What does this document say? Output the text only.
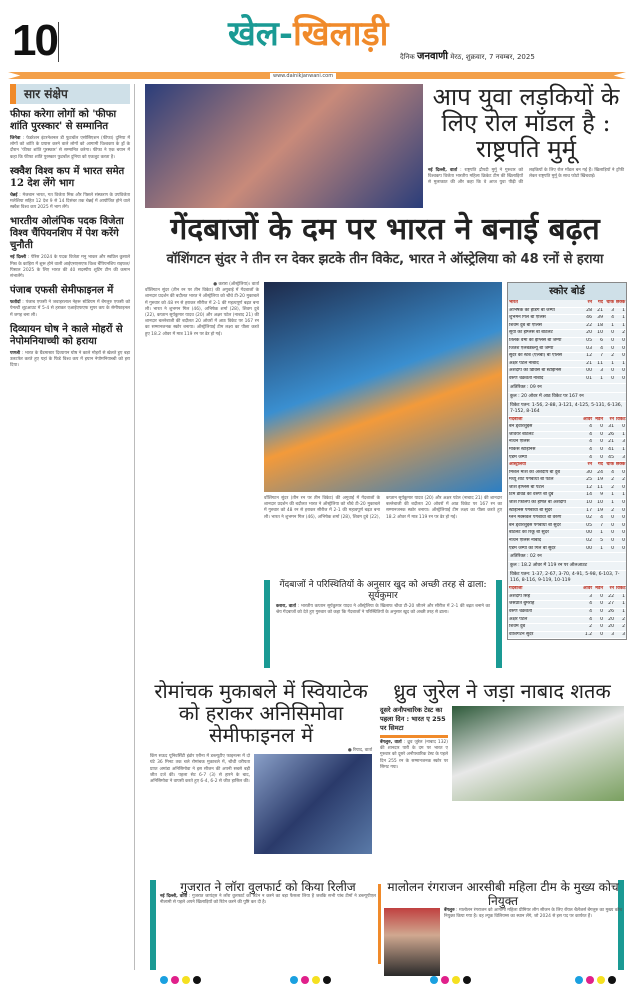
10	खेल-खिलाड़ी
दैनिक जनवाणी मेरठ, शुक्रवार, 7 नवम्बर, 2025
www.dainikjanwani.com
सार संक्षेप
फीफा करेगा लोगों को 'फीफा शांति पुरस्कार' से सम्मानित
जिनेवा : फेडरेशन इंटरनेशनल डी फुटबॉल एसोसिएशन (फीफा) दुनिया में लोगों को शांति के प्रयास करने वाले लोगों को आगामी विश्वकप के ड्रॉ के दौरान 'फीफा शांति पुरस्कार' से सम्मानित करेगा। फीफा ने एक बयान में कहा कि फीफा शांति पुरस्कार फुटबॉल दुनिया को एकजुट करता है।
स्क्वैश विश्व कप में भारत समेत 12 देश लेंगे भाग
चेन्नई : मेजबान भारत, गत विजेता मिस्र और पिछले संस्करण के उपविजेता मलेशिया सहित 12 देश 9 से 14 दिसंबर तक चेन्नई में आयोजित होने वाले स्क्वैश विश्व कप 2025 में भाग लेंगे।
भारतीय ओलंपिक पदक विजेता विश्व चैंपियनशिप में पेश करेंगे चुनौती
नई दिल्ली : पेरिस 2024 के पदक विजेता मनु भाकर और स्वप्निल कुसाले मिस्र के काहिरा में शुरू होने वाली आईएसएसएफ विश्व चैंपियनशिप राइफल/पिस्टल 2025 के लिए भारत की 40 सदस्यीय शूटिंग टीम की कमान संभालेंगे।
पंजाब एफसी सेमीफाइनल में
फतोर्दा : पंजाब एफसी ने जवाहरलाल नेहरू स्टेडियम में बेंगलुरु एफसी को पेनल्टी शूटआउट में 5-4 से हराकर एआईएफएफ सुपर कप के सेमीफाइनल में जगह बना ली।
दिव्यायन घोष ने काले मोहरों से नेपोमनियाच्ची को हराया
पणजी : भारत के ग्रैंडमास्टर दिव्यायन घोष ने काले मोहरों से खेलते हुए बड़ा उलटफेर करते हुए यहां के फिडे विश्व कप में इयान नेपोमनियाच्ची को हरा दिया।
आप युवा लड़कियों के लिए रोल मॉडल है : राष्ट्रपति मुर्मू
नई दिल्ली, वार्ता : राष्ट्रपति द्रौपदी मुर्मू ने गुरुवार को विश्वकप विजेता भारतीय महिला क्रिकेट टीम की खिलाड़ियों से मुलाकात की और कहा कि वे आज युवा पीढ़ी की लड़कियों के लिए रोल मॉडल बन गई हैं। खिलाड़ियों ने ट्रॉफी लेकर राष्ट्रपति मुर्मू के साथ फोटो खिंचवाई।
गेंदबाजों के दम पर भारत ने बनाई बढ़त
वॉशिंगटन सुंदर ने तीन रन देकर झटके तीन विकेट, भारत ने ऑस्ट्रेलिया को 48 रनों से हराया
● करारा (ऑस्ट्रेलिया)। वार्ता
वॉशिंगटन सुंदर (तीन रन पर तीन विकेट) की अगुवाई में गेंदबाजों के शानदार प्रदर्शन की बदौलत भारत ने ऑस्ट्रेलिया को चौथे टी-20 मुकाबले में गुरुवार को 48 रन से हराकर सीरीज में 2-1 की महत्वपूर्ण बढ़त बना ली। भारत ने शुभमन गिल (46), अभिषेक शर्मा (28), शिवम दुबे (22), कप्तान सूर्यकुमार यादव (20) और अक्षर पटेल (नाबाद 21) की शानदार बल्लेबाजी की बदौलत 20 ओवरों में आठ विकेट पर 167 रन का सम्मानजनक स्कोर बनाया। ऑस्ट्रेलियाई टीम लक्ष्य का पीछा करते हुए 18.2 ओवर में मात्र 119 रन पर ढेर हो गई।
वॉशिंगटन सुंदर (तीन रन पर तीन विकेट) की अगुवाई में गेंदबाजों के शानदार प्रदर्शन की बदौलत भारत ने ऑस्ट्रेलिया को चौथे टी-20 मुकाबले में गुरुवार को 48 रन से हराकर सीरीज में 2-1 की महत्वपूर्ण बढ़त बना ली। भारत ने शुभमन गिल (46), अभिषेक शर्मा (28), शिवम दुबे (22), कप्तान सूर्यकुमार यादव (20) और अक्षर पटेल (नाबाद 21) की शानदार बल्लेबाजी की बदौलत 20 ओवरों में आठ विकेट पर 167 रन का सम्मानजनक स्कोर बनाया। ऑस्ट्रेलियाई टीम लक्ष्य का पीछा करते हुए 18.2 ओवर में मात्र 119 रन पर ढेर हो गई।
स्कोर बोर्ड
भारत	रन	गेंद	चौके	छक्के
अभिषेक का हेडिंग बो जम्पा	28	21	3	1
शुभमन गिल बो एलिस	46	39	4	1
शिवम दुबे बो एलिस	22	18	1	1
सूर्या का इंग्लिस बो बार्टलेट	20	10	0	2
तिलक वर्मा का इंग्लिस बो जम्पा	05	6	0	0
जितेश एलबडब्ल्यू बो जम्पा	03	4	0	0
सुंदर का स्टब (एलबी) बो एलिस	12	7	2	0
अक्षर पटेल नाबाद	21	11	1	1
अर्शदीप का डिविस बो स्टोइनिस	00	3	0	0
वरुण चक्रवर्ती नाबाद	01	1	0	0
अतिरिक्त : 09 रन
कुल : 20 ओवर में आठ विकेट पर 167 रन
विकेट पतन: 1-56, 2-88, 3-121, 4-125, 5-131, 6-136, 7-152, 8-164
गेंदबाजी	ओवर	मेडन	रन	विकेट
बेन ड्वारशुइस	4	0	31	0
जेवियर बार्टलेट	4	0	26	1
नाथन एलिस	4	0	21	3
मार्कस स्टोइनिस	4	0	41	1
एडम जम्पा	4	0	45	3
ऑस्ट्रेलिया	रन	गेंद	चौके	छक्के
मिशेल मार्श का अर्शदीप बो दुबे	30	24	4	0
मैथ्यू शॉर्ट पगबाधा बो पटेल	25	19	2	2
जोश इंग्लिस बो पटेल	12	11	2	0
टिम डेविड का वरुण बो दुबे	14	9	1	1
जोश फिलिप का हर्षित बो अर्शदीप	10	10	1	0
स्टोइनिस पगबाधा बो सुंदर	17	19	2	0
ग्लेन मैक्सवेल पगबाधा बो वरुण	02	4	0	0
बेन ड्वारशुइस पगबाधा बो सुंदर	05	7	0	0
बार्टलेट का रिंकू बो सुंदर	00	1	0	0
नाथन एलिस नाबाद	02	5	0	0
एडम जम्पा का गिल बो सुंदर	00	1	0	0
अतिरिक्त : 02 रन
कुल : 18.2 ओवर में 119 रन पर ऑलआउट
विकेट पतन: 1-37, 2-67, 3-70, 4-91, 5-98, 6-103, 7-116, 8-116, 9-119, 10-119
गेंदबाजी	ओवर	मेडन	रन	विकेट
अर्शदीप सिंह	3	0	22	1
जसप्रीत बुमराह	4	0	27	1
वरुण चक्रवर्ती	4	0	26	1
अक्षर पटेल	4	0	20	2
शिवम दुबे	2	0	20	2
वॉशिंगटन सुंदर	1.2	0	3	3
गेंदबाजों ने परिस्थितियों के अनुसार खुद को अच्छी तरह से ढाला: सूर्यकुमार
करारा, वार्ता : भारतीय कप्तान सूर्यकुमार यादव ने ऑस्ट्रेलिया के खिलाफ चौथा टी-20 जीतने और सीरीज में 2-1 की बढ़त बनाने का श्रेय गेंदबाजों को देते हुए गुरुवार को कहा कि गेंदबाजों ने परिस्थितियों के अनुसार खुद को अच्छी तरह से ढाला।
रोमांचक मुकाबले में स्वियाटेक को हराकर अनिसिमोवा सेमीफाइनल में
● रियाद, वार्ता
किंग सऊद यूनिवर्सिटी इंडोर एरीना में डब्ल्यूटीए फाइनल्स में दो घंटे 36 मिनट तक चले रोमांचक मुकाबले में, चौथी वरीयता प्राप्त अमांडा अनिसिमोवा ने इस सीजन की अपनी सबसे बड़ी जीत दर्ज की। पहला सेट 6-7 (3) से हारने के बाद, अनिसिमोवा ने वापसी करते हुए 6-4, 6-2 से जीत हासिल की।
ध्रुव जुरेल ने जड़ा नाबाद शतक
दूसरे अनौपचारिक टेस्ट का पहला दिन : भारत ए 255 पर सिमटा
बेंगलुरु, वार्ता : ध्रुव जुरेल (नाबाद 132) की शानदार पारी के दम पर भारत ए गुरुवार को दूसरे अनौपचारिक टेस्ट के पहले दिन 255 रन के सम्मानजनक स्कोर पर सिमट गया।
गुजरात ने लॉरा वुलफार्ट को किया रिलीज
नई दिल्ली, वार्ता : गुजरात जायंट्स ने लॉरा वुलफार्ट को रिटेन न करने का बड़ा फैसला लिया है जबकि सभी पांच टीमों ने डब्ल्यूपीएल नीलामी से पहले अपने खिलाड़ियों को रिटेन करने की पुष्टि कर दी है।
मालोलन रंगराजन आरसीबी महिला टीम के मुख्य कोच नियुक्त
बेंगलुरु : मालोलन रंगराजन को आगामी महिला प्रीमियर लीग सीजन के लिए रॉयल चैलेंजर्स बेंगलुरु का मुख्य कोच नियुक्त किया गया है। वह ल्यूक विलियम्स का स्थान लेंगे, जो 2024 से इस पद पर कार्यरत हैं।
